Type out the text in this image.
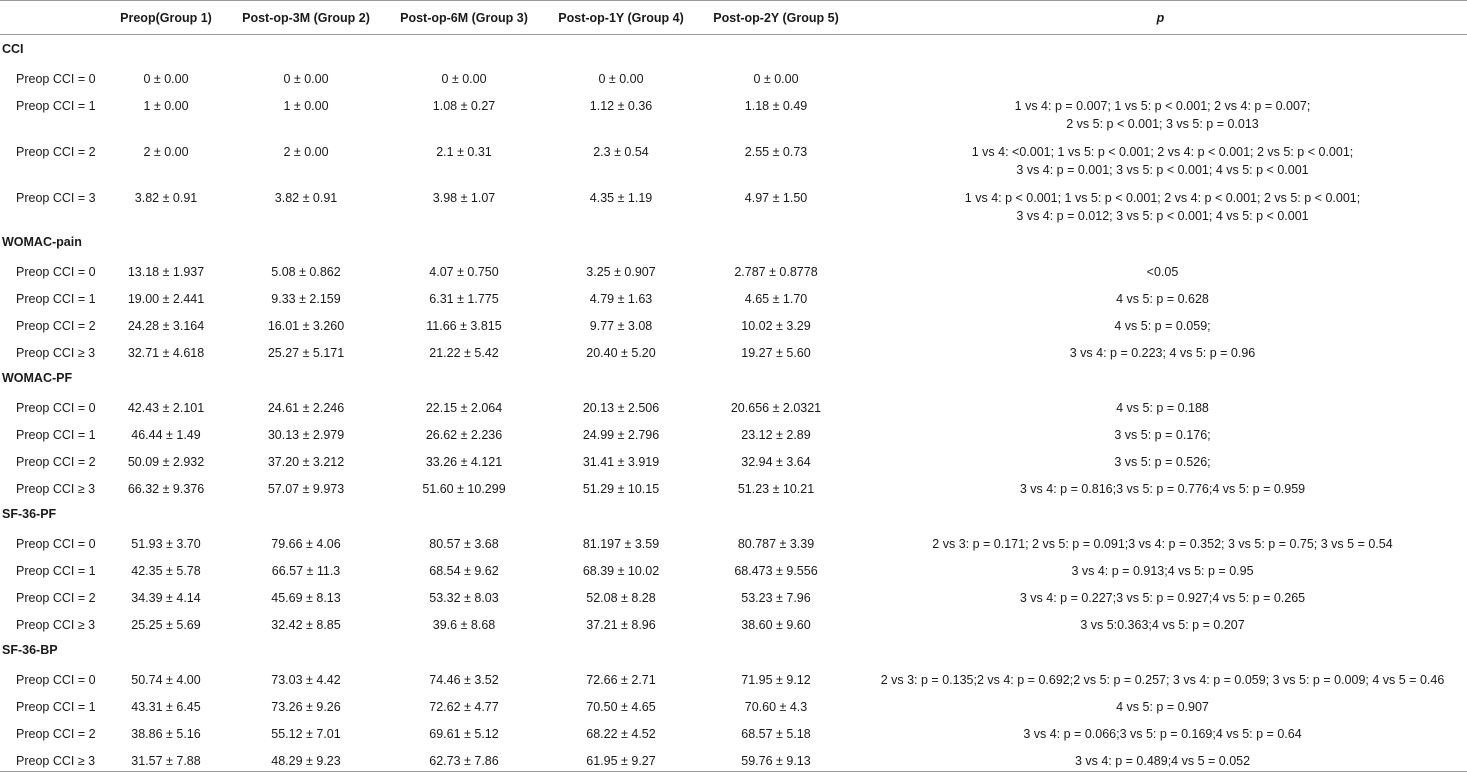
	Preop(Group 1)	Post-op-3M (Group 2)	Post-op-6M (Group 3)	Post-op-1Y (Group 4)	Post-op-2Y (Group 5)	p
CCI						
Preop CCI = 0	0 ± 0.00	0 ± 0.00	0 ± 0.00	0 ± 0.00	0 ± 0.00	
Preop CCI = 1	1 ± 0.00	1 ± 0.00	1.08 ± 0.27	1.12 ± 0.36	1.18 ± 0.49	1 vs 4: p = 0.007; 1 vs 5: p < 0.001; 2 vs 4: p = 0.007;
2 vs 5: p < 0.001; 3 vs 5: p = 0.013

Preop CCI = 2	2 ± 0.00	2 ± 0.00	2.1 ± 0.31	2.3 ± 0.54	2.55 ± 0.73	1 vs 4: <0.001; 1 vs 5: p < 0.001; 2 vs 4: p < 0.001; 2 vs 5: p < 0.001;
3 vs 4: p = 0.001; 3 vs 5: p < 0.001; 4 vs 5: p < 0.001

Preop CCI = 3	3.82 ± 0.91	3.82 ± 0.91	3.98 ± 1.07	4.35 ± 1.19	4.97 ± 1.50	1 vs 4: p < 0.001; 1 vs 5: p < 0.001; 2 vs 4: p < 0.001; 2 vs 5: p < 0.001;
3 vs 4: p = 0.012; 3 vs 5: p < 0.001; 4 vs 5: p < 0.001

WOMAC-pain						
Preop CCI = 0	13.18 ± 1.937	5.08 ± 0.862	4.07 ± 0.750	3.25 ± 0.907	2.787 ± 0.8778	<0.05

Preop CCI = 1	19.00 ± 2.441	9.33 ± 2.159	6.31 ± 1.775	4.79 ± 1.63	4.65 ± 1.70	4 vs 5: p = 0.628

Preop CCI = 2	24.28 ± 3.164	16.01 ± 3.260	11.66 ± 3.815	9.77 ± 3.08	10.02 ± 3.29	4 vs 5: p = 0.059;

Preop CCI ≥ 3	32.71 ± 4.618	25.27 ± 5.171	21.22 ± 5.42	20.40 ± 5.20	19.27 ± 5.60	3 vs 4: p = 0.223; 4 vs 5: p = 0.96

WOMAC-PF						
Preop CCI = 0	42.43 ± 2.101	24.61 ± 2.246	22.15 ± 2.064	20.13 ± 2.506	20.656 ± 2.0321	4 vs 5: p = 0.188

Preop CCI = 1	46.44 ± 1.49	30.13 ± 2.979	26.62 ± 2.236	24.99 ± 2.796	23.12 ± 2.89	3 vs 5: p = 0.176;

Preop CCI = 2	50.09 ± 2.932	37.20 ± 3.212	33.26 ± 4.121	31.41 ± 3.919	32.94 ± 3.64	3 vs 5: p = 0.526;

Preop CCI ≥ 3	66.32 ± 9.376	57.07 ± 9.973	51.60 ± 10.299	51.29 ± 10.15	51.23 ± 10.21	3 vs 4: p = 0.816;3 vs 5: p = 0.776;4 vs 5: p = 0.959

SF-36-PF						
Preop CCI = 0	51.93 ± 3.70	79.66 ± 4.06	80.57 ± 3.68	81.197 ± 3.59	80.787 ± 3.39	2 vs 3: p = 0.171; 2 vs 5: p = 0.091;3 vs 4: p = 0.352; 3 vs 5: p = 0.75; 3 vs 5 = 0.54

Preop CCI = 1	42.35 ± 5.78	66.57 ± 11.3	68.54 ± 9.62	68.39 ± 10.02	68.473 ± 9.556	3 vs 4: p = 0.913;4 vs 5: p = 0.95

Preop CCI = 2	34.39 ± 4.14	45.69 ± 8.13	53.32 ± 8.03	52.08 ± 8.28	53.23 ± 7.96	3 vs 4: p = 0.227;3 vs 5: p = 0.927;4 vs 5: p = 0.265

Preop CCI ≥ 3	25.25 ± 5.69	32.42 ± 8.85	39.6 ± 8.68	37.21 ± 8.96	38.60 ± 9.60	3 vs 5:0.363;4 vs 5: p = 0.207

SF-36-BP						
Preop CCI = 0	50.74 ± 4.00	73.03 ± 4.42	74.46 ± 3.52	72.66 ± 2.71	71.95 ± 9.12	2 vs 3: p = 0.135;2 vs 4: p = 0.692;2 vs 5: p = 0.257; 3 vs 4: p = 0.059; 3 vs 5: p = 0.009; 4 vs 5 = 0.46

Preop CCI = 1	43.31 ± 6.45	73.26 ± 9.26	72.62 ± 4.77	70.50 ± 4.65	70.60 ± 4.3	4 vs 5: p = 0.907

Preop CCI = 2	38.86 ± 5.16	55.12 ± 7.01	69.61 ± 5.12	68.22 ± 4.52	68.57 ± 5.18	3 vs 4: p = 0.066;3 vs 5: p = 0.169;4 vs 5: p = 0.64

Preop CCI ≥ 3	31.57 ± 7.88	48.29 ± 9.23	62.73 ± 7.86	61.95 ± 9.27	59.76 ± 9.13	3 vs 4: p = 0.489;4 vs 5 = 0.052
